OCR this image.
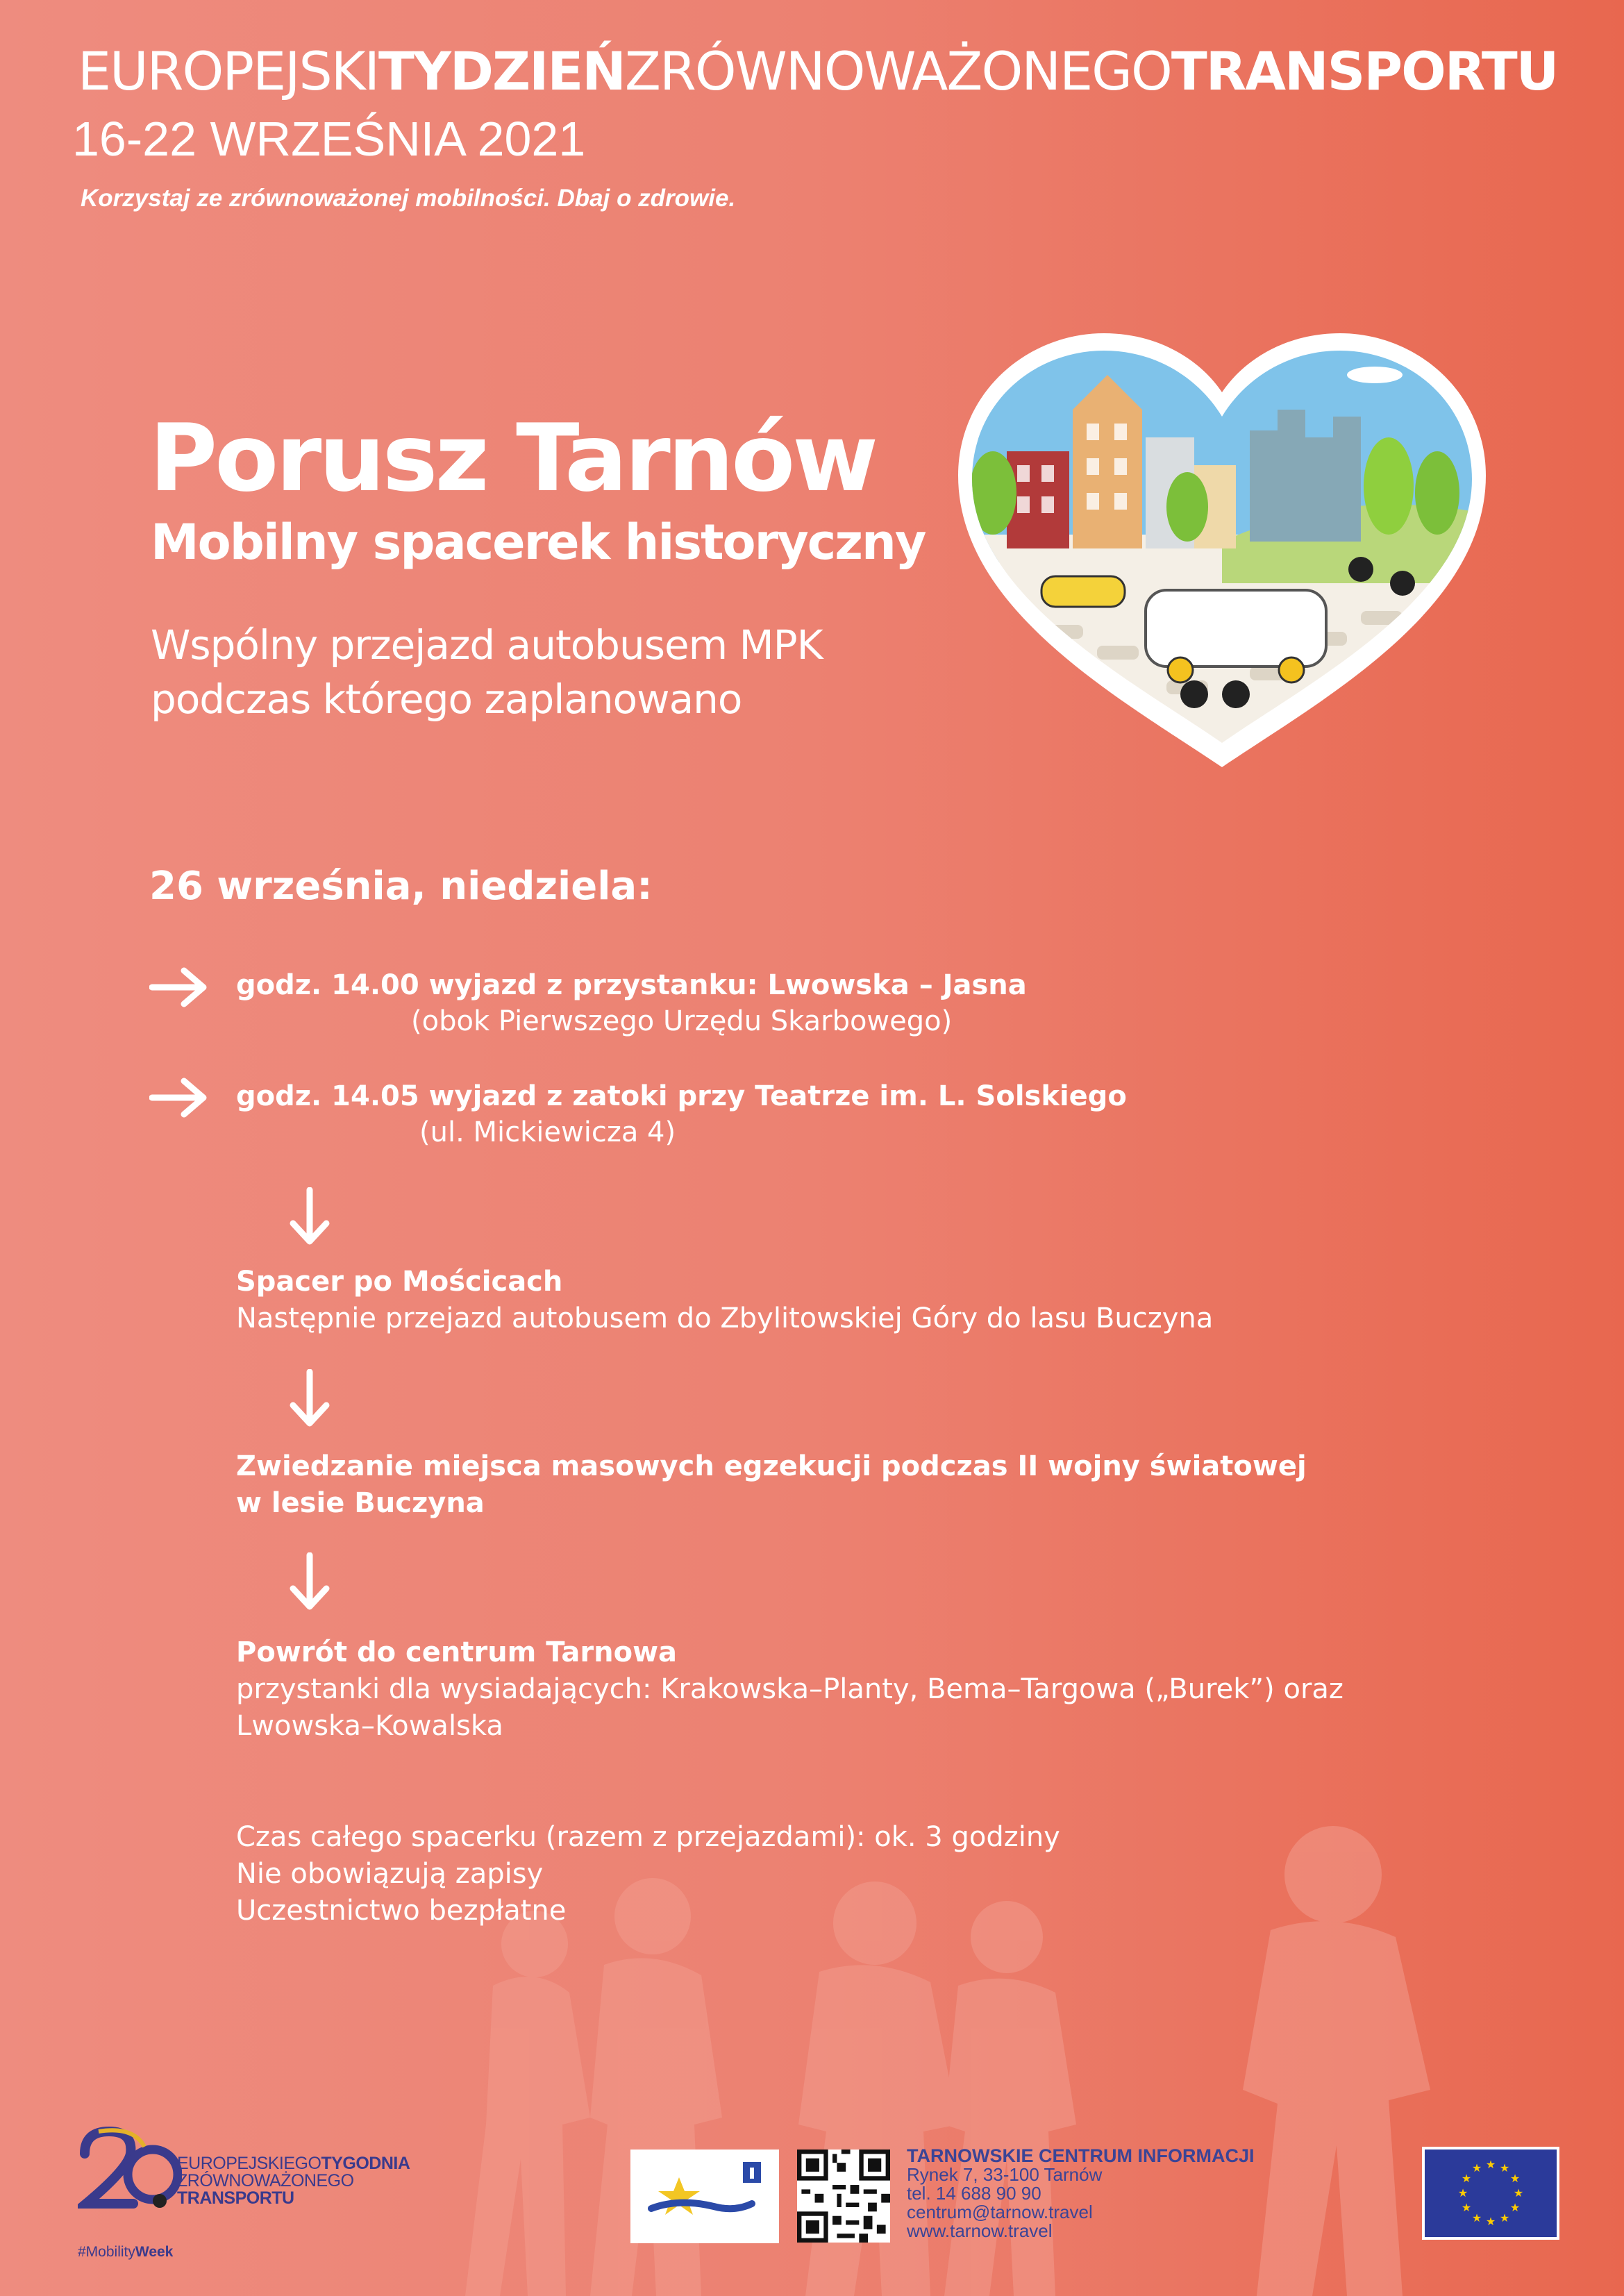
EUROPEJSKITYDZIEŃZRÓWNOWAŻONEGOTRANSPORTU
16-22 WRZEŚNIA 2021
Korzystaj ze zrównoważonej mobilności. Dbaj o zdrowie.
Porusz Tarnów
Mobilny spacerek historyczny
Wspólny przejazd autobusem MPK
podczas którego zaplanowano
26 września, niedziela:
godz. 14.00 wyjazd z przystanku: Lwowska – Jasna
(obok Pierwszego Urzędu Skarbowego)
godz. 14.05 wyjazd z zatoki przy Teatrze im. L. Solskiego
(ul. Mickiewicza 4)
Spacer po Mościcach
Następnie przejazd autobusem do Zbylitowskiej Góry do lasu Buczyna
Zwiedzanie miejsca masowych egzekucji podczas II wojny światowej
w lesie Buczyna
Powrót do centrum Tarnowa
przystanki dla wysiadających: Krakowska–Planty, Bema–Targowa („Burek”) oraz
Lwowska–Kowalska
Czas całego spacerku (razem z przejazdami): ok. 3 godziny
Nie obowiązują zapisy
Uczestnictwo bezpłatne
EUROPEJSKIEGOTYGODNIA
ZRÓWNOWAŻONEGO
TRANSPORTU
#MobilityWeek
TARNOWSKIE CENTRUM INFORMACJI
Rynek 7, 33-100 Tarnów
tel. 14 688 90 90
centrum@tarnow.travel
www.tarnow.travel
★ ★
★
★
★
★
★
★
★
★
★
★
